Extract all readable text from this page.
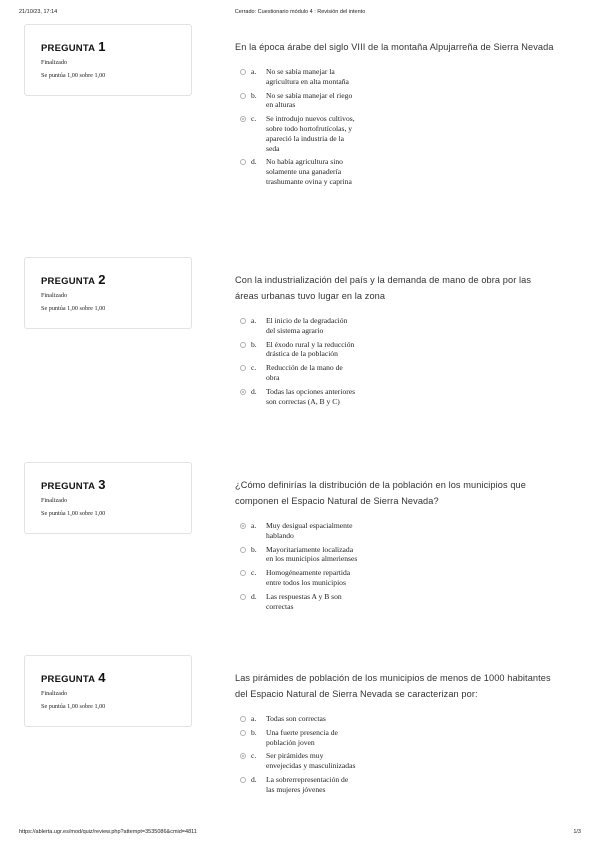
21/10/23, 17:14	Cerrado: Cuestionario módulo 4 : Revisión del intento
PREGUNTA 1
Finalizado
Se puntúa 1,00 sobre 1,00
En la época árabe del siglo VIII de la montaña Alpujarreña de Sierra Nevada
a.	No se sabía manejar la agricultura en alta montaña
b.	No se sabía manejar el riego en alturas
c.	Se introdujo nuevos cultivos, sobre todo hortofrutícolas, y apareció la industria de la seda
d.	No había agricultura sino solamente una ganadería trashumante ovina y caprina
PREGUNTA 2
Finalizado
Se puntúa 1,00 sobre 1,00
Con la industrialización del país y la demanda de mano de obra por las áreas urbanas tuvo lugar en la zona
a.	El inicio de la degradación del sistema agrario
b.	El éxodo rural y la reducción drástica de la población
c.	Reducción de la mano de obra
d.	Todas las opciones anteriores son correctas (A, B y C)
PREGUNTA 3
Finalizado
Se puntúa 1,00 sobre 1,00
¿Cómo definirías la distribución de la población en los municipios que componen el Espacio Natural de Sierra Nevada?
a.	Muy desigual espacialmente hablando
b.	Mayoritariamente localizada en los municipios almerienses
c.	Homogéneamente repartida entre todos los municipios
d.	Las respuestas A y B son correctas
PREGUNTA 4
Finalizado
Se puntúa 1,00 sobre 1,00
Las pirámides de población de los municipios de menos de 1000 habitantes del Espacio Natural de Sierra Nevada se caracterizan por:
a.	Todas son correctas
b.	Una fuerte presencia de población joven
c.	Ser pirámides muy envejecidas y masculinizadas
d.	La sobrerrepresentación de las mujeres jóvenes
https://ablerta.ugr.es/mod/quiz/review.php?attempt=3535086&cmid=4811	1/3
